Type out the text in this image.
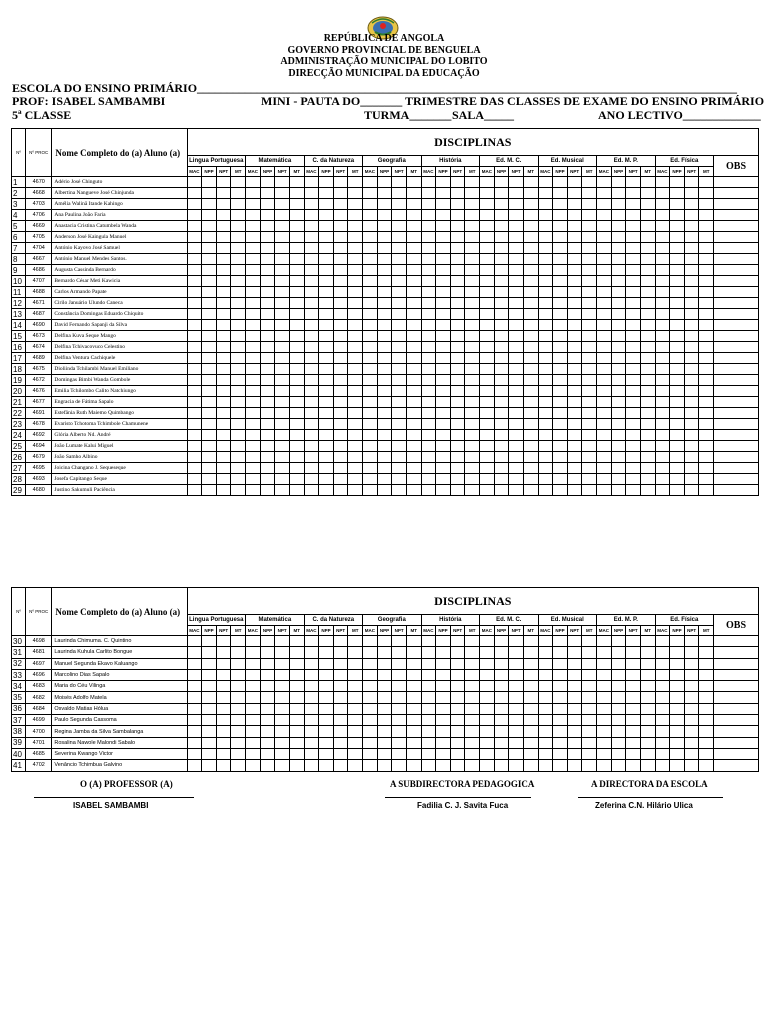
REPÚBLICA DE ANGOLA
GOVERNO PROVINCIAL DE BENGUELA
ADMINISTRAÇÃO MUNICIPAL DO LOBITO
DIRECÇÃO MUNICIPAL DA EDUCAÇÃO
ESCOLA DO ENSINO PRIMÁRIO__________________________________________________________________________________________
PROF: ISABEL SAMBAMBI	MINI - PAUTA DO_______ TRIMESTRE DAS CLASSES DE EXAME DO ENSINO PRIMÁRIO
5ª CLASSE	TURMA_______ SALA_____	ANO LECTIVO_____________
Nº	Nº PROC	Nome Completo do (a) Aluno (a)	DISCIPLINAS																																				
			Lingua Portuguesa				Matemática				C. da Natureza				Geografia				História				Ed. M. C.				Ed. Musical				Ed. M. P.				Ed. Física				OBS
			MAC	NPP	NPT	MT	MAC	NPP	NPT	MT	MAC	NPP	NPT	MT	MAC	NPP	NPT	MT	MAC	NPP	NPT	MT	MAC	NPP	NPT	MT	MAC	NPP	NPT	MT	MAC	NPP	NPT	MT	MAC	NPP	NPT	MT	
1	4670	Adério José Chinguto																																					
2	4668	Albertina Nangueve José Chinjunda																																					
3	4703	Amélia Walinã Itande Kahingo																																					
4	4706	Ana Paulina João Faria																																					
5	4669	Anastacia Cristina Catumbela Wanda																																					
6	4705	Anderson José Kaingula Manuel																																					
7	4704	António Kayovo José Samuel																																					
8	4667	António Manuel Mendes Santos.																																					
9	4686	Augusta Cassinda Bernardo																																					
10	4707	Bernardo César Meti Kawicia																																					
11	4688	Carlos Armando Papate																																					
12	4671	Cirilo Januário Ulundo Caneca																																					
13	4687	Constância Domingas Eduardo Chiquito																																					
14	4690	David Fernando Sapanji da Silva																																					
15	4673	Delfina Kuva Seque Mango																																					
16	4674	Delfina Tchivacovuco Celestino																																					
17	4689	Delfina Ventura Cachiquele																																					
18	4675	Dioliinda Tchilambi Manuel Emiliano																																					
19	4672	Domingas Bimbi Wanda Gombole																																					
20	4676	Emilia Tchilombo Calito Natchiungo																																					
21	4677	Engracia de Fátima Sapalo																																					
22	4691	Estefânia Ruth Maiemo Quimbango																																					
23	4678	Evaristo Tchotoma Tchimbole Chamunene																																					
24	4692	Glória Alberto Nd. André																																					
25	4694	João Lumate Kalui Miguel																																					
26	4679	João Samho Albino																																					
27	4695	Joicina Changano J. Sequeseque																																					
28	4693	Josefa Capitango Seque																																					
29	4680	Justino Sakumuli Paciência																																					
Nº	Nº PROC	Nome Completo do (a) Aluno (a)	DISCIPLINAS																																				
			Lingua Portuguesa				Matemática				C. da Natureza				Geografia				História				Ed. M. C.				Ed. Musical				Ed. M. P.				Ed. Física				OBS
			MAC	NPP	NPT	MT	MAC	NPP	NPT	MT	MAC	NPP	NPT	MT	MAC	NPP	NPT	MT	MAC	NPP	NPT	MT	MAC	NPP	NPT	MT	MAC	NPP	NPT	MT	MAC	NPP	NPT	MT	MAC	NPP	NPT	MT	
30	4698	Laurinda Chimuma. C. Quintino																																					
31	4681	Laurinda Kuhula Carlito Bongue																																					
32	4697	Manuel Segunda Ekavo Kaluango																																					
33	4696	Marcolino Dias Sapalo																																					
34	4683	Maria do Céu Vilinga																																					
35	4682	Moisés Adolfo Matela																																					
36	4684	Osvaldo Matias Hólua																																					
37	4699	Paulo Segunda Cassoma																																					
38	4700	Regina Jamba da Silva Sambalanga																																					
39	4701	Rosalina Nawole Malondi Sabalo																																					
40	4685	Severina Kwango Victor																																					
41	4702	Venâncio Tchimbua Galvino																																					
O (A) PROFESSOR (A)
ISABEL SAMBAMBI
A SUBDIRECTORA PEDAGOGICA
Fadilia C. J. Savita Fuca
A DIRECTORA DA ESCOLA
Zeferina C.N. Hilário Ulica
